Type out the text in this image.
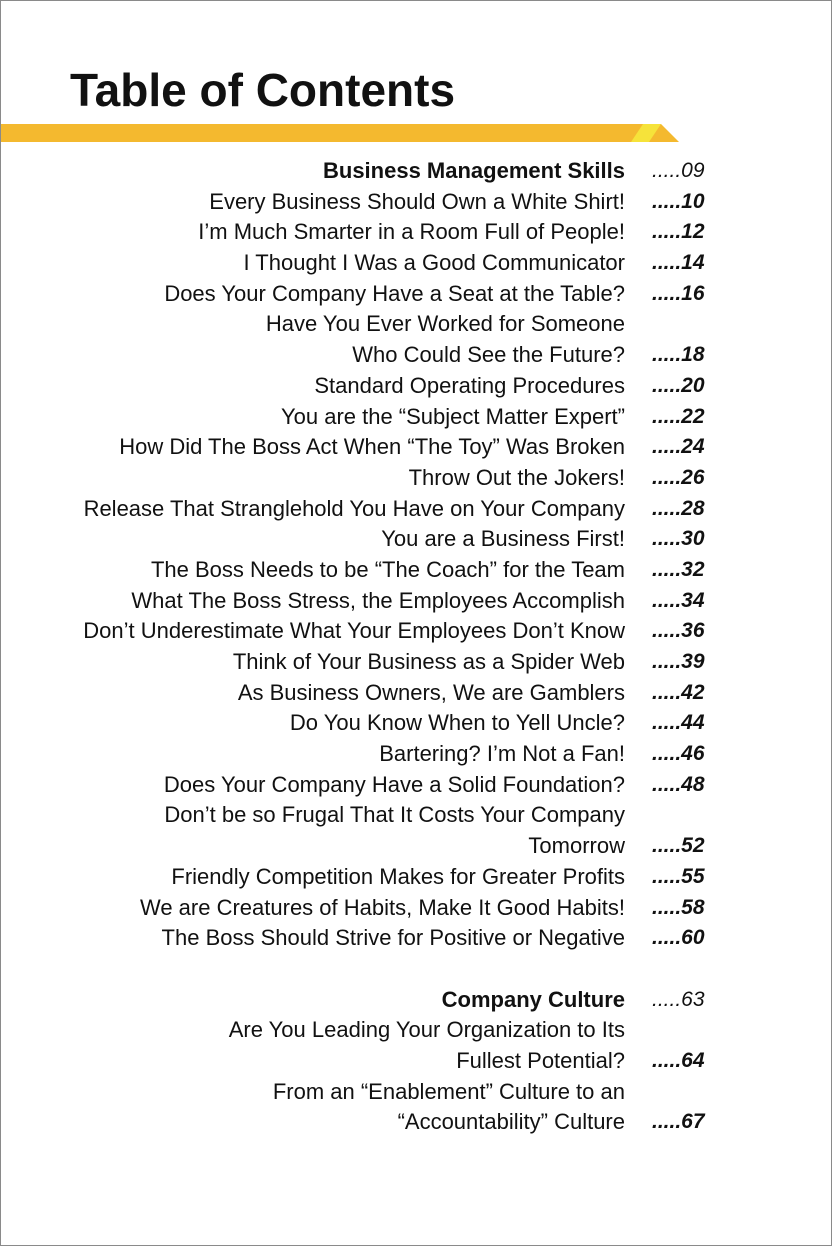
Table of Contents
Business Management Skills .....09
Every Business Should Own a White Shirt! .....10
I’m Much Smarter in a Room Full of People! .....12
I Thought I Was a Good Communicator .....14
Does Your Company Have a Seat at the Table? .....16
Have You Ever Worked for Someone
Who Could See the Future? .....18
Standard Operating Procedures .....20
You are the “Subject Matter Expert” .....22
How Did The Boss Act When “The Toy” Was Broken .....24
Throw Out the Jokers! .....26
Release That Stranglehold You Have on Your Company .....28
You are a Business First! .....30
The Boss Needs to be “The Coach” for the Team .....32
What The Boss Stress, the Employees Accomplish .....34
Don’t Underestimate What Your Employees Don’t Know .....36
Think of Your Business as a Spider Web .....39
As Business Owners, We are Gamblers .....42
Do You Know When to Yell Uncle? .....44
Bartering? I’m Not a Fan! .....46
Does Your Company Have a Solid Foundation? .....48
Don’t be so Frugal That It Costs Your Company
Tomorrow .....52
Friendly Competition Makes for Greater Profits .....55
We are Creatures of Habits, Make It Good Habits! .....58
The Boss Should Strive for Positive or Negative .....60
Company Culture .....63
Are You Leading Your Organization to Its
Fullest Potential? .....64
From an “Enablement” Culture to an
“Accountability” Culture .....67
